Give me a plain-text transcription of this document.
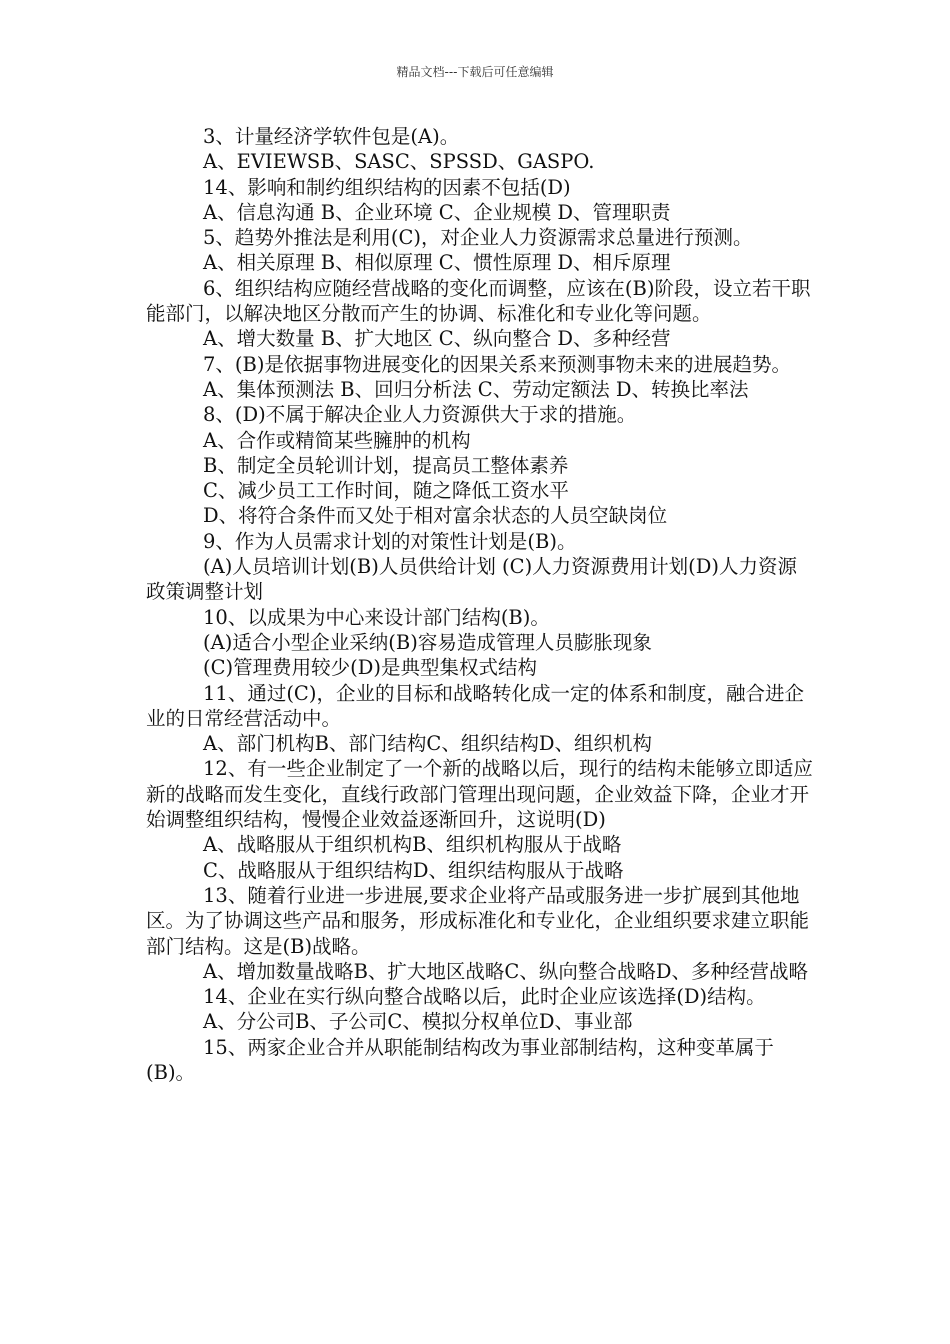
精品文档---下载后可任意编辑

3、计量经济学软件包是(A)。

A、EVIEWSB、SASC、SPSSD、GASPO.

14、影响和制约组织结构的因素不包括(D)

A、信息沟通 B、企业环境 C、企业规模 D、管理职责

5、趋势外推法是利用(C)，对企业人力资源需求总量进行预测。

A、相关原理 B、相似原理 C、惯性原理 D、相斥原理

6、组织结构应随经营战略的变化而调整，应该在(B)阶段，设立若干职能部门，以解决地区分散而产生的协调、标准化和专业化等问题。

A、增大数量 B、扩大地区 C、纵向整合 D、多种经营

7、(B)是依据事物进展变化的因果关系来预测事物未来的进展趋势。

A、集体预测法 B、回归分析法 C、劳动定额法 D、转换比率法

8、(D)不属于解决企业人力资源供大于求的措施。

A、合作或精简某些臃肿的机构

B、制定全员轮训计划，提高员工整体素养

C、减少员工工作时间，随之降低工资水平

D、将符合条件而又处于相对富余状态的人员空缺岗位

9、作为人员需求计划的对策性计划是(B)。

(A)人员培训计划(B)人员供给计划 (C)人力资源费用计划(D)人力资源政策调整计划

10、以成果为中心来设计部门结构(B)。

(A)适合小型企业采纳(B)容易造成管理人员膨胀现象

(C)管理费用较少(D)是典型集权式结构

11、通过(C)，企业的目标和战略转化成一定的体系和制度，融合进企业的日常经营活动中。

A、部门机构B、部门结构C、组织结构D、组织机构

12、有一些企业制定了一个新的战略以后，现行的结构未能够立即适应新的战略而发生变化，直线行政部门管理出现问题，企业效益下降，企业才开始调整组织结构，慢慢企业效益逐渐回升，这说明(D)

A、战略服从于组织机构B、组织机构服从于战略

C、战略服从于组织结构D、组织结构服从于战略

13、随着行业进一步进展,要求企业将产品或服务进一步扩展到其他地区。为了协调这些产品和服务，形成标准化和专业化，企业组织要求建立职能部门结构。这是(B)战略。

A、增加数量战略B、扩大地区战略C、纵向整合战略D、多种经营战略

14、企业在实行纵向整合战略以后，此时企业应该选择(D)结构。

A、分公司B、子公司C、模拟分权单位D、事业部

15、两家企业合并从职能制结构改为事业部制结构，这种变革属于(B)。
